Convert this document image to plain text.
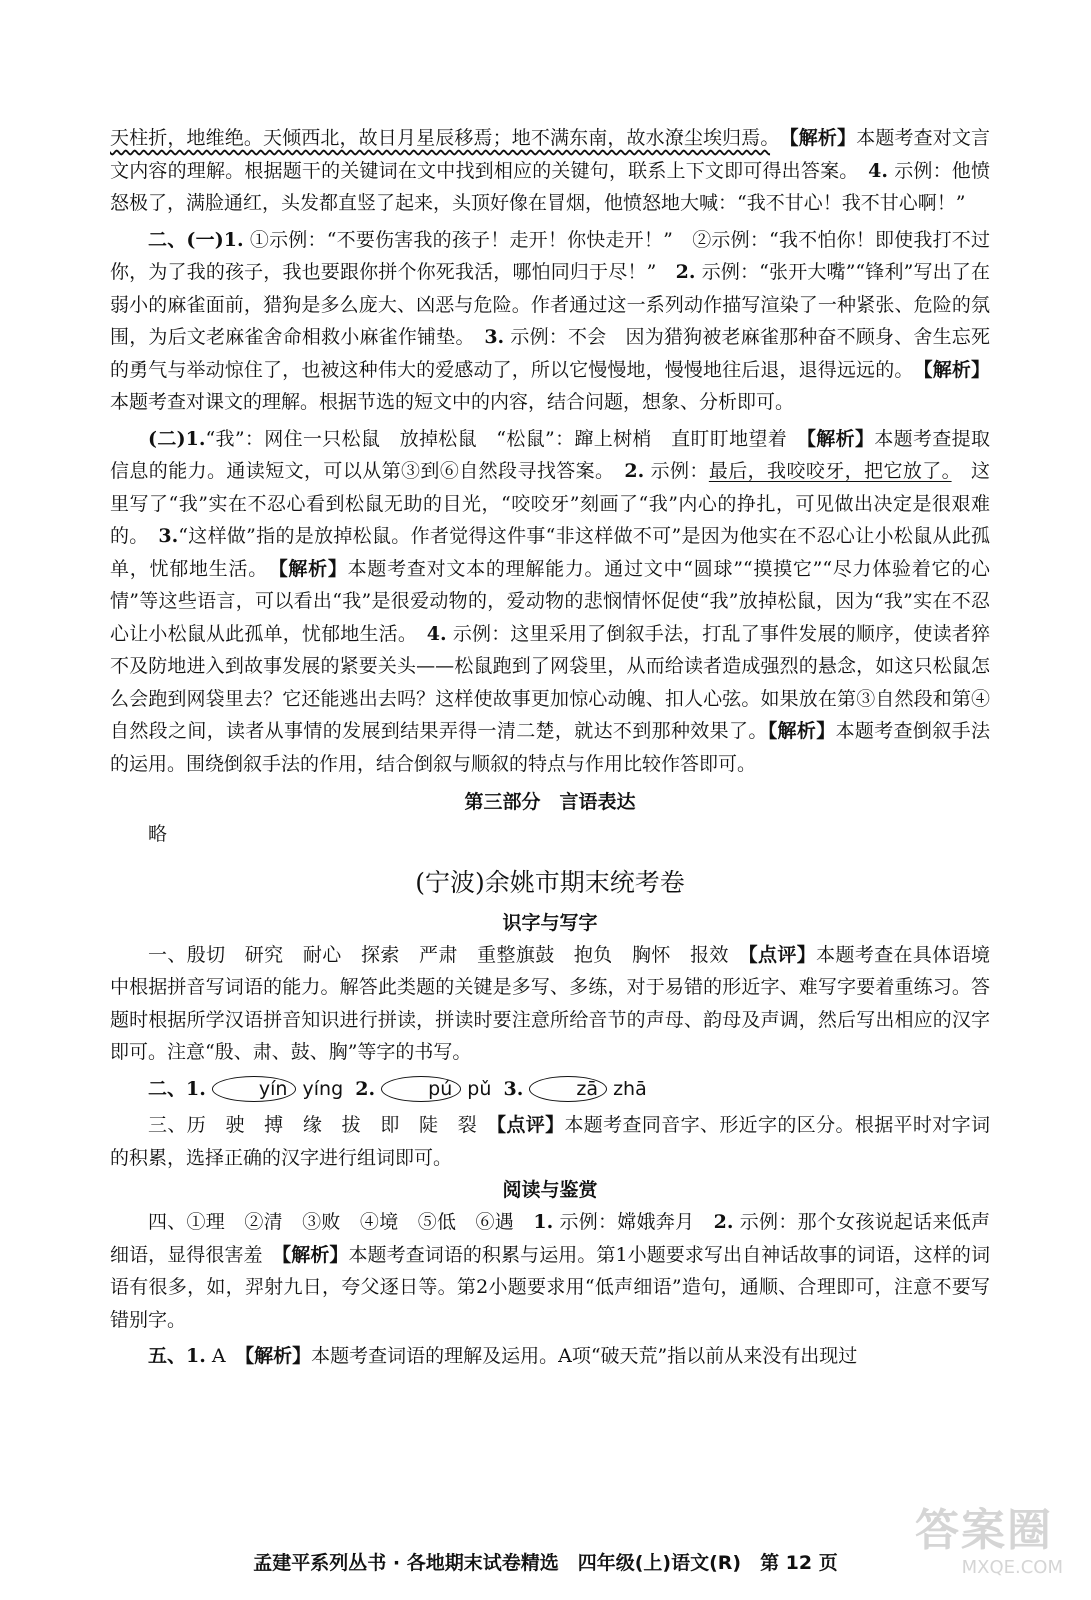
天柱折，地维绝。天倾西北，故日月星辰移焉；地不满东南，故水潦尘埃归焉。　 【解析】本题考查对文言文内容的理解。根据题干的关键词在文中找到相应的关键句，联系上下文即可得出答案。　4. 示例：他愤怒极了，满脸通红，头发都直竖了起来，头顶好像在冒烟，他愤怒地大喊：“我不甘心！我不甘心啊！”

二、(一)1. ①示例：“不要伤害我的孩子！走开！你快走开！”　②示例：“我不怕你！即使我打不过你，为了我的孩子，我也要跟你拼个你死我活，哪怕同归于尽！”　2. 示例：“张开大嘴”“锋利”写出了在弱小的麻雀面前，猎狗是多么庞大、凶恶与危险。作者通过这一系列动作描写渲染了一种紧张、危险的氛围，为后文老麻雀舍命相救小麻雀作铺垫。　3. 示例：不会　因为猎狗被老麻雀那种奋不顾身、舍生忘死的勇气与举动惊住了，也被这种伟大的爱感动了，所以它慢慢地，慢慢地往后退，退得远远的。　【解析】本题考查对课文的理解。根据节选的短文中的内容，结合问题，想象、分析即可。

(二)1.“我”：网住一只松鼠　放掉松鼠　“松鼠”：蹿上树梢　直盯盯地望着　【解析】本题考查提取信息的能力。通读短文，可以从第③到⑥自然段寻找答案。　2. 示例：最后，我咬咬牙，把它放了。　这里写了“我”实在不忍心看到松鼠无助的目光，“咬咬牙”刻画了“我”内心的挣扎，可见做出决定是很艰难的。　3.“这样做”指的是放掉松鼠。作者觉得这件事“非这样做不可”是因为他实在不忍心让小松鼠从此孤单，忧郁地生活。　【解析】本题考查对文本的理解能力。通过文中“圆球”“摸摸它”“尽力体验着它的心情”等这些语言，可以看出“我”是很爱动物的，爱动物的悲悯情怀促使“我”放掉松鼠，因为“我”实在不忍心让小松鼠从此孤单，忧郁地生活。　4. 示例：这里采用了倒叙手法，打乱了事件发展的顺序，使读者猝不及防地进入到故事发展的紧要关头——松鼠跑到了网袋里，从而给读者造成强烈的悬念，如这只松鼠怎么会跑到网袋里去？它还能逃出去吗？这样使故事更加惊心动魄、扣人心弦。如果放在第③自然段和第④自然段之间，读者从事情的发展到结果弄得一清二楚，就达不到那种效果了。【解析】本题考查倒叙手法的运用。围绕倒叙手法的作用，结合倒叙与顺叙的特点与作用比较作答即可。

第三部分　言语表达

略

(宁波)余姚市期末统考卷
识字与写字

一、殷切　研究　耐心　探索　严肃　重整旗鼓　抱负　胸怀　报效　【点评】本题考查在具体语境中根据拼音写词语的能力。解答此类题的关键是多写、多练，对于易错的形近字、难写字要着重练习。答题时根据所学汉语拼音知识进行拼读，拼读时要注意所给音节的声母、韵母及声调，然后写出相应的汉字即可。注意“殷、肃、鼓、胸”等字的书写。

二、1.	yín yíng 2.	pú pǔ 3.	zā zhā

三、历　驶　搏　缘　拔　即　陡　裂　【点评】本题考查同音字、形近字的区分。根据平时对字词的积累，选择正确的汉字进行组词即可。

阅读与鉴赏

四、①理　②清　③败　④境　⑤低　⑥遇　1. 示例：嫦娥奔月　2. 示例：那个女孩说起话来低声细语，显得很害羞　【解析】本题考查词语的积累与运用。第1小题要求写出自神话故事的词语，这样的词语有很多，如，羿射九日，夸父逐日等。第2小题要求用“低声细语”造句，通顺、合理即可，注意不要写错别字。

五、1. A　【解析】本题考查词语的理解及运用。A项“破天荒”指以前从来没有出现过

孟建平系列丛书 · 各地期末试卷精选　四年级(上)语文(R)　第 12 页
答案圈
MXQE.COM
